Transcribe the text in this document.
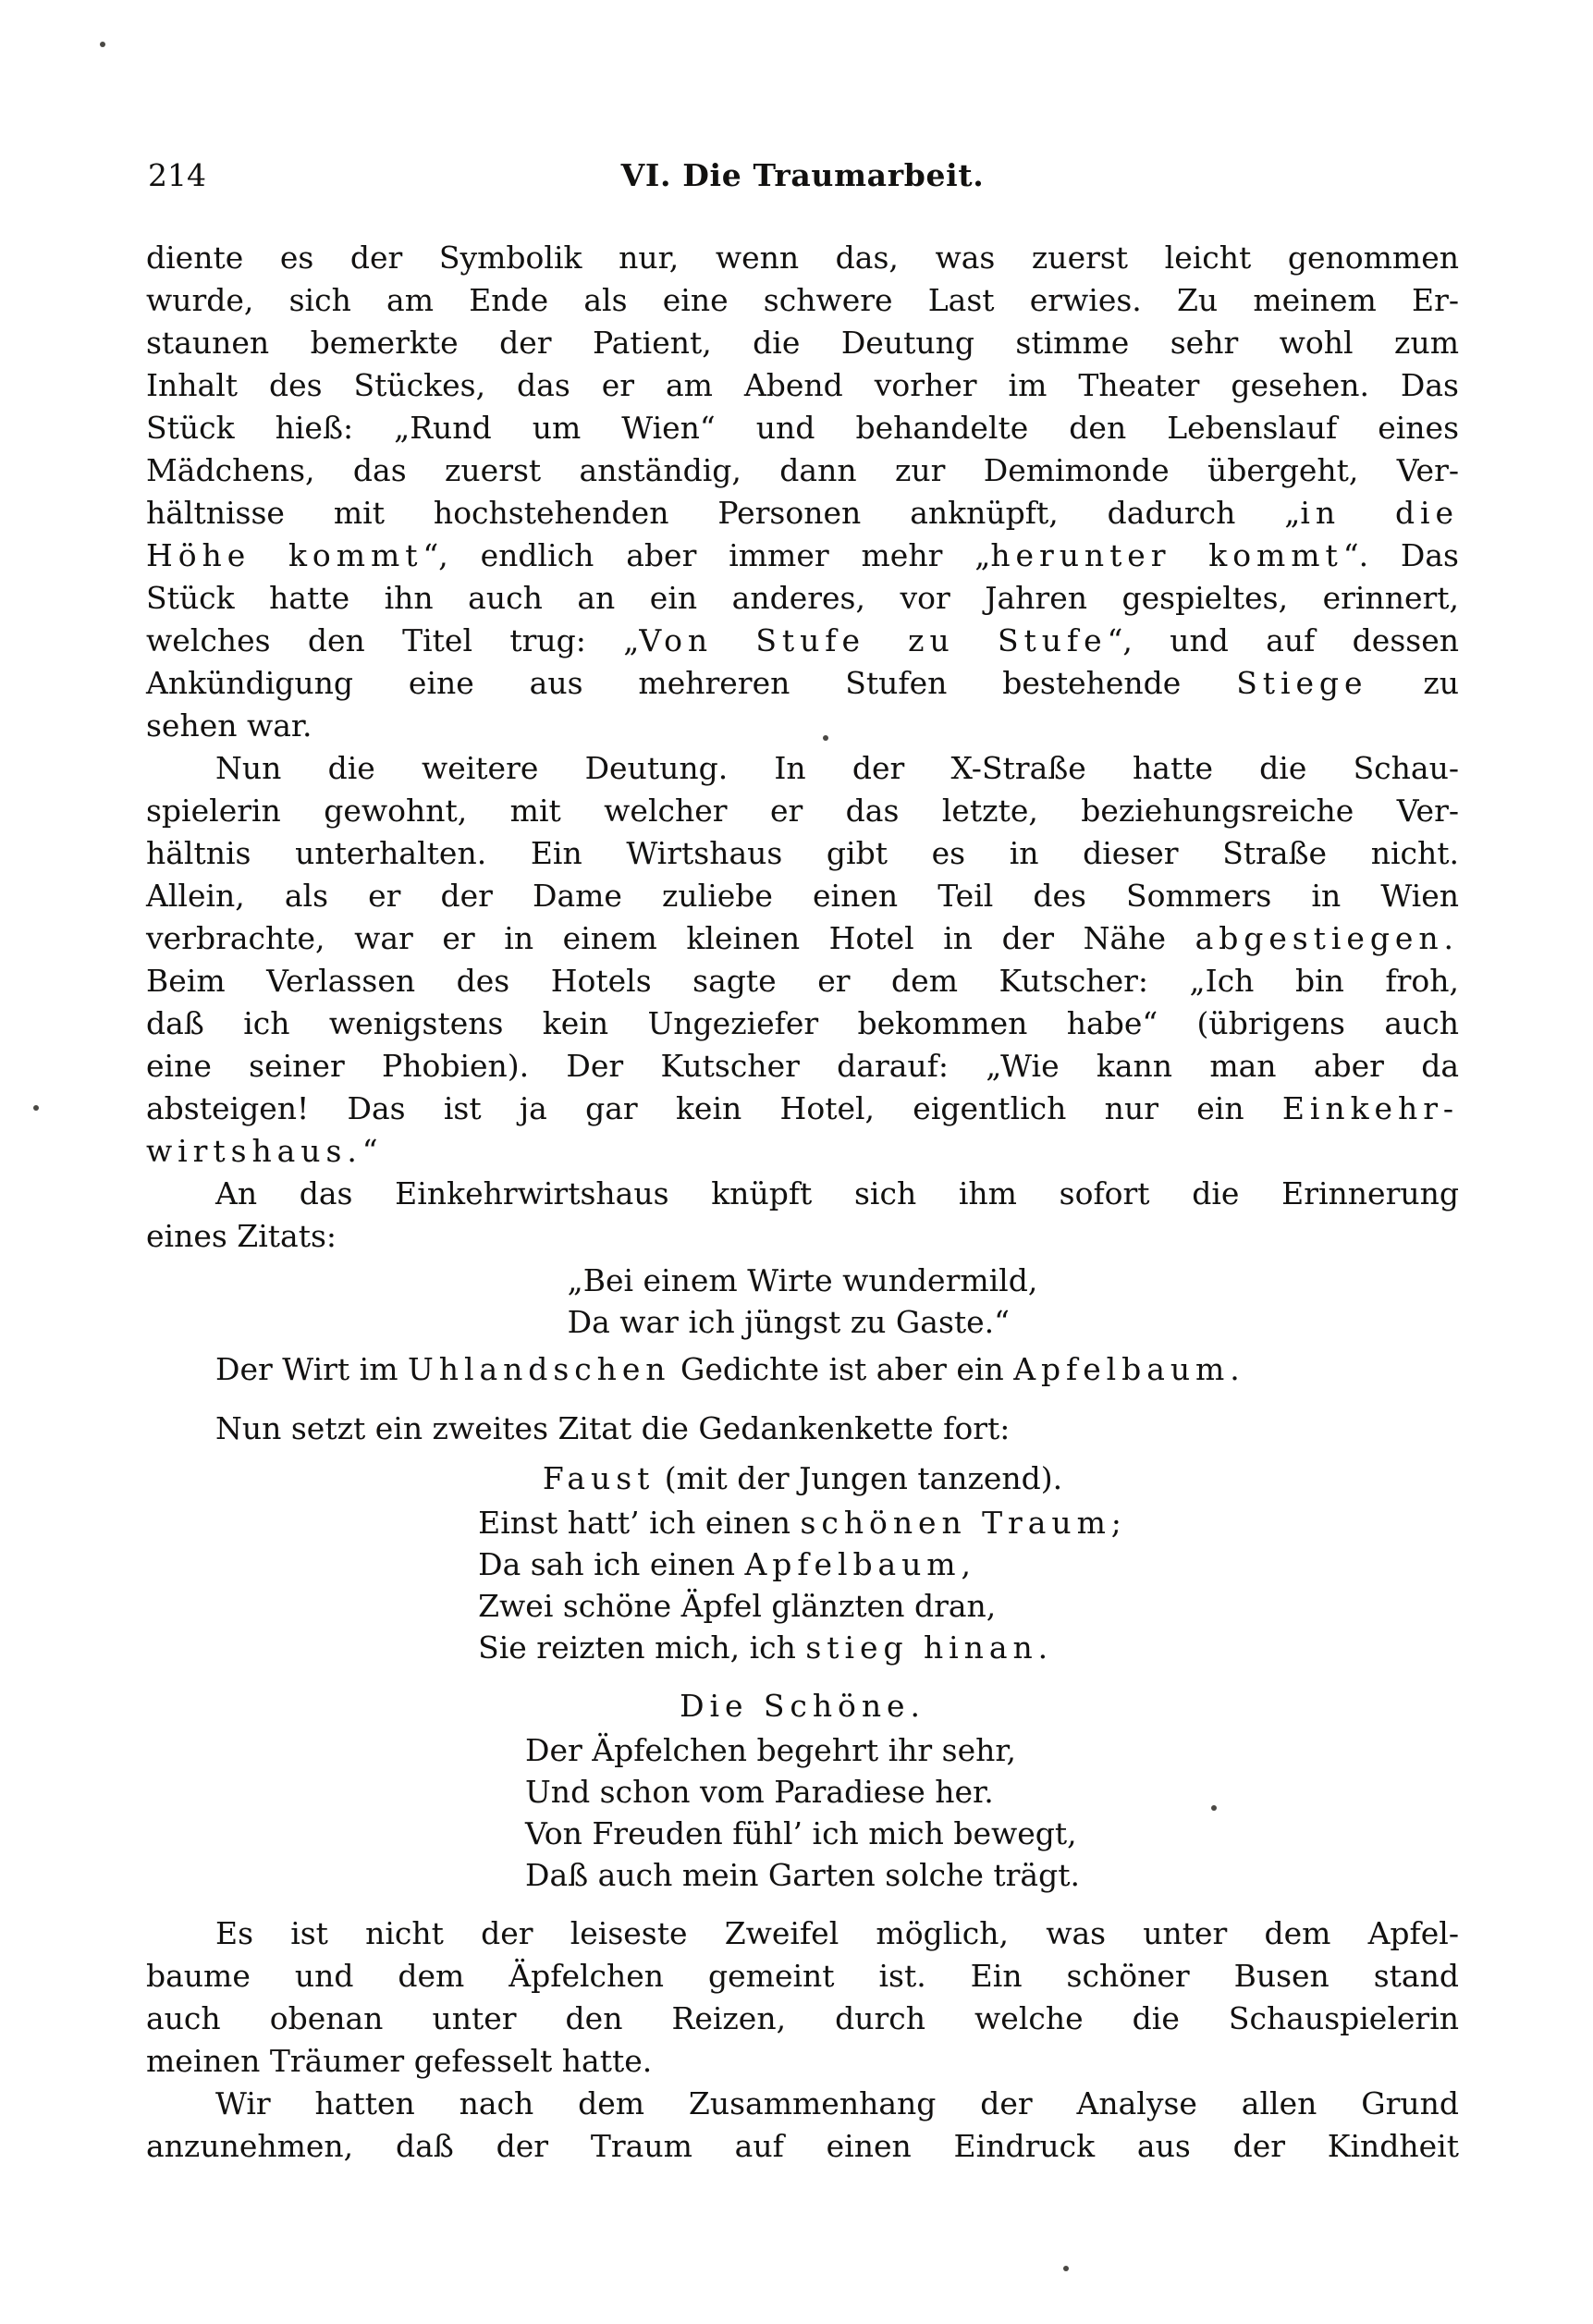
214	VI. Die Traumarbeit.
diente es der Symbolik nur, wenn das, was zuerst leicht genommen
wurde, sich am Ende als eine schwere Last erwies. Zu meinem Er-
staunen bemerkte der Patient, die Deutung stimme sehr wohl zum
Inhalt des Stückes, das er am Abend vorher im Theater gesehen. Das
Stück hieß: „Rund um Wien“ und behandelte den Lebenslauf eines
Mädchens, das zuerst anständig, dann zur Demimonde übergeht, Ver-
hältnisse mit hochstehenden Personen anknüpft, dadurch „in die
Höhe kommt“, endlich aber immer mehr „herunter kommt“. Das
Stück hatte ihn auch an ein anderes, vor Jahren gespieltes, erinnert,
welches den Titel trug: „Von Stufe zu Stufe“, und auf dessen
Ankündigung eine aus mehreren Stufen bestehende Stiege zu
sehen war.
Nun die weitere Deutung. In der X-Straße hatte die Schau-
spielerin gewohnt, mit welcher er das letzte, beziehungsreiche Ver-
hältnis unterhalten. Ein Wirtshaus gibt es in dieser Straße nicht.
Allein, als er der Dame zuliebe einen Teil des Sommers in Wien
verbrachte, war er in einem kleinen Hotel in der Nähe abgestiegen.
Beim Verlassen des Hotels sagte er dem Kutscher: „Ich bin froh,
daß ich wenigstens kein Ungeziefer bekommen habe“ (übrigens auch
eine seiner Phobien). Der Kutscher darauf: „Wie kann man aber da
absteigen! Das ist ja gar kein Hotel, eigentlich nur ein Einkehr-
wirtshaus.“
An das Einkehrwirtshaus knüpft sich ihm sofort die Erinnerung
eines Zitats:
„Bei einem Wirte wundermild,
Da war ich jüngst zu Gaste.“
Der Wirt im Uhlandschen Gedichte ist aber ein Apfelbaum.
Nun setzt ein zweites Zitat die Gedankenkette fort:
Faust (mit der Jungen tanzend).
Einst hatt’ ich einen schönen Traum;
Da sah ich einen Apfelbaum,
Zwei schöne Äpfel glänzten dran,
Sie reizten mich, ich stieg hinan.
Die Schöne.
Der Äpfelchen begehrt ihr sehr,
Und schon vom Paradiese her.
Von Freuden fühl’ ich mich bewegt,
Daß auch mein Garten solche trägt.
Es ist nicht der leiseste Zweifel möglich, was unter dem Apfel-
baume und dem Äpfelchen gemeint ist. Ein schöner Busen stand
auch obenan unter den Reizen, durch welche die Schauspielerin
meinen Träumer gefesselt hatte.
Wir hatten nach dem Zusammenhang der Analyse allen Grund
anzunehmen, daß der Traum auf einen Eindruck aus der Kindheit
